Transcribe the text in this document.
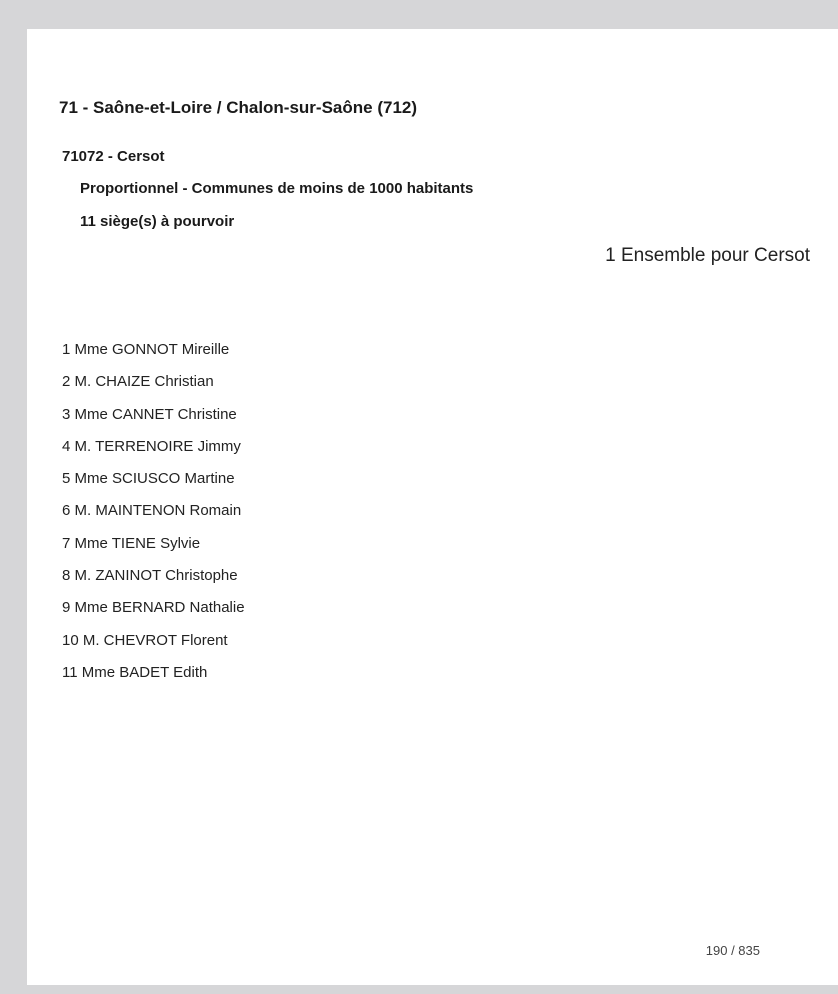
71 - Saône-et-Loire / Chalon-sur-Saône (712)
71072 - Cersot
Proportionnel - Communes de moins de 1000 habitants
11 siège(s) à pourvoir
1 Ensemble pour Cersot
1 Mme GONNOT Mireille
2 M. CHAIZE Christian
3 Mme CANNET Christine
4 M. TERRENOIRE Jimmy
5 Mme SCIUSCO Martine
6 M. MAINTENON Romain
7 Mme TIENE Sylvie
8 M. ZANINOT Christophe
9 Mme BERNARD Nathalie
10 M. CHEVROT Florent
11 Mme BADET Edith
190 / 835
